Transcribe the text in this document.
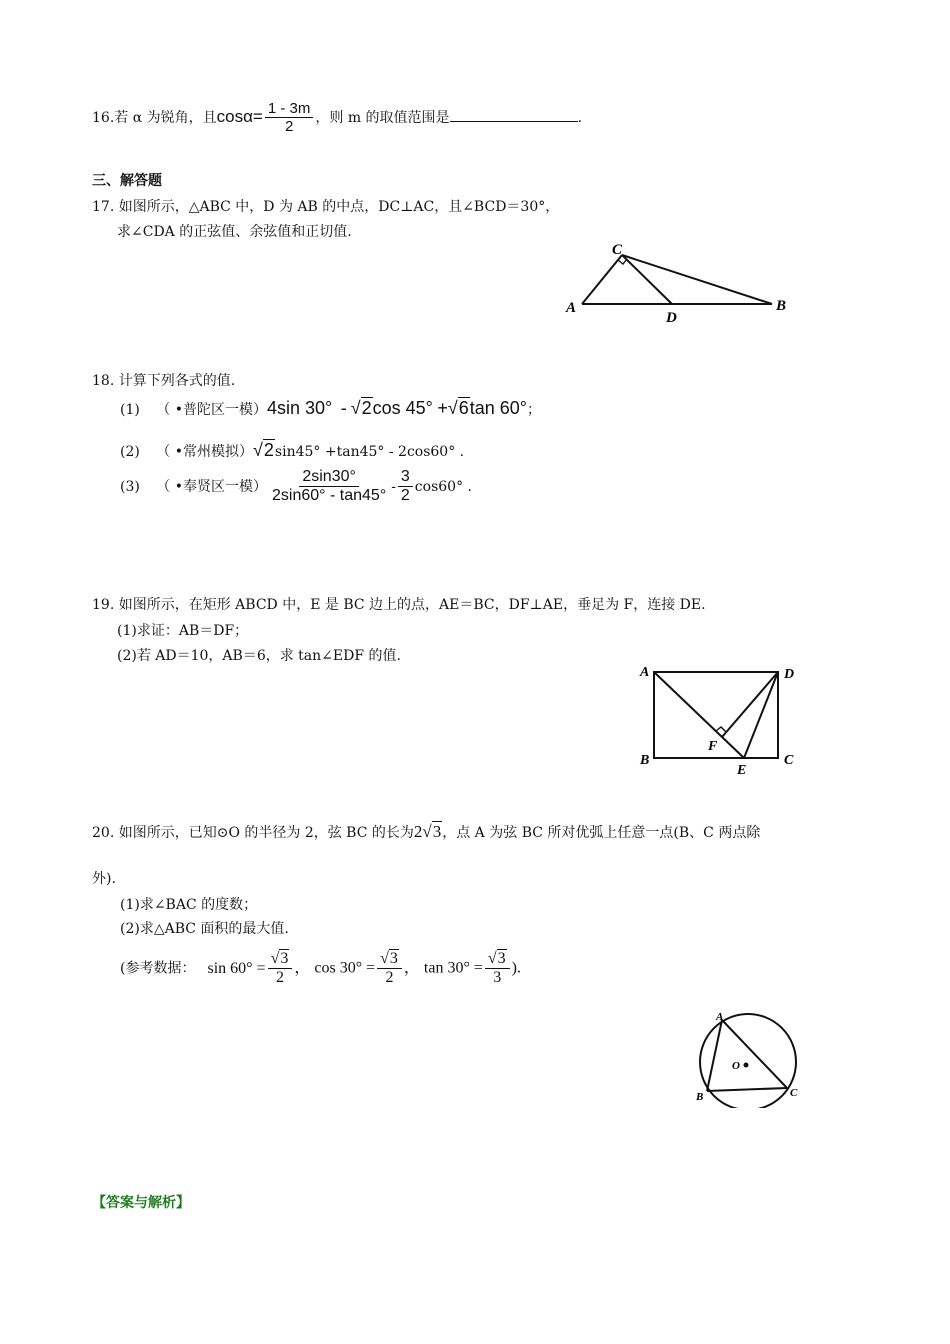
16.若 α 为锐角，且$\cos\alpha= \frac{1 - 3m}{2}$ ，则 m 的取值范围是	.
三、解答题
17. 如图所示，△ABC 中，D 为 AB 的中点，DC⊥AC，且∠BCD＝30°，
求∠CDA 的正弦值、余弦值和正切值.
A
C
D
B
18. 计算下列各式的值.
(1) （ •普陀区一模）4sin 30° - √2cos 45° +√6tan 60°；
(2) （ •常州模拟）√2sin45° +tan45° - 2cos60° .
(3) （ •奉贤区一模） $\frac{2\sin 30^\circ}{2\sin 60^\circ - \tan 45^\circ} - \frac{3}{2} \cos 60^\circ$ .
19. 如图所示，在矩形 ABCD 中，E 是 BC 边上的点，AE＝BC，DF⊥AE，垂足为 F，连接 DE.
(1)求证：AB＝DF；
(2)若 AD＝10，AB＝6，求 tan∠EDF 的值.
A	D
B	C
F
E
20. 如图所示，已知⊙O 的半径为 2，弦 BC 的长为2√3，点 A 为弦 BC 所对优弧上任意一点(B、C 两点除
外).
(1)求∠BAC 的度数；
(2)求△ABC 面积的最大值.
(参考数据： $\sin 60^\circ = \frac{√3}{2}$ ， $\cos 30^\circ = \frac{√3}{2}$ ， $\tan 30^\circ = \frac{√3}{3}$ ).
A
O
B	C
【答案与解析】
